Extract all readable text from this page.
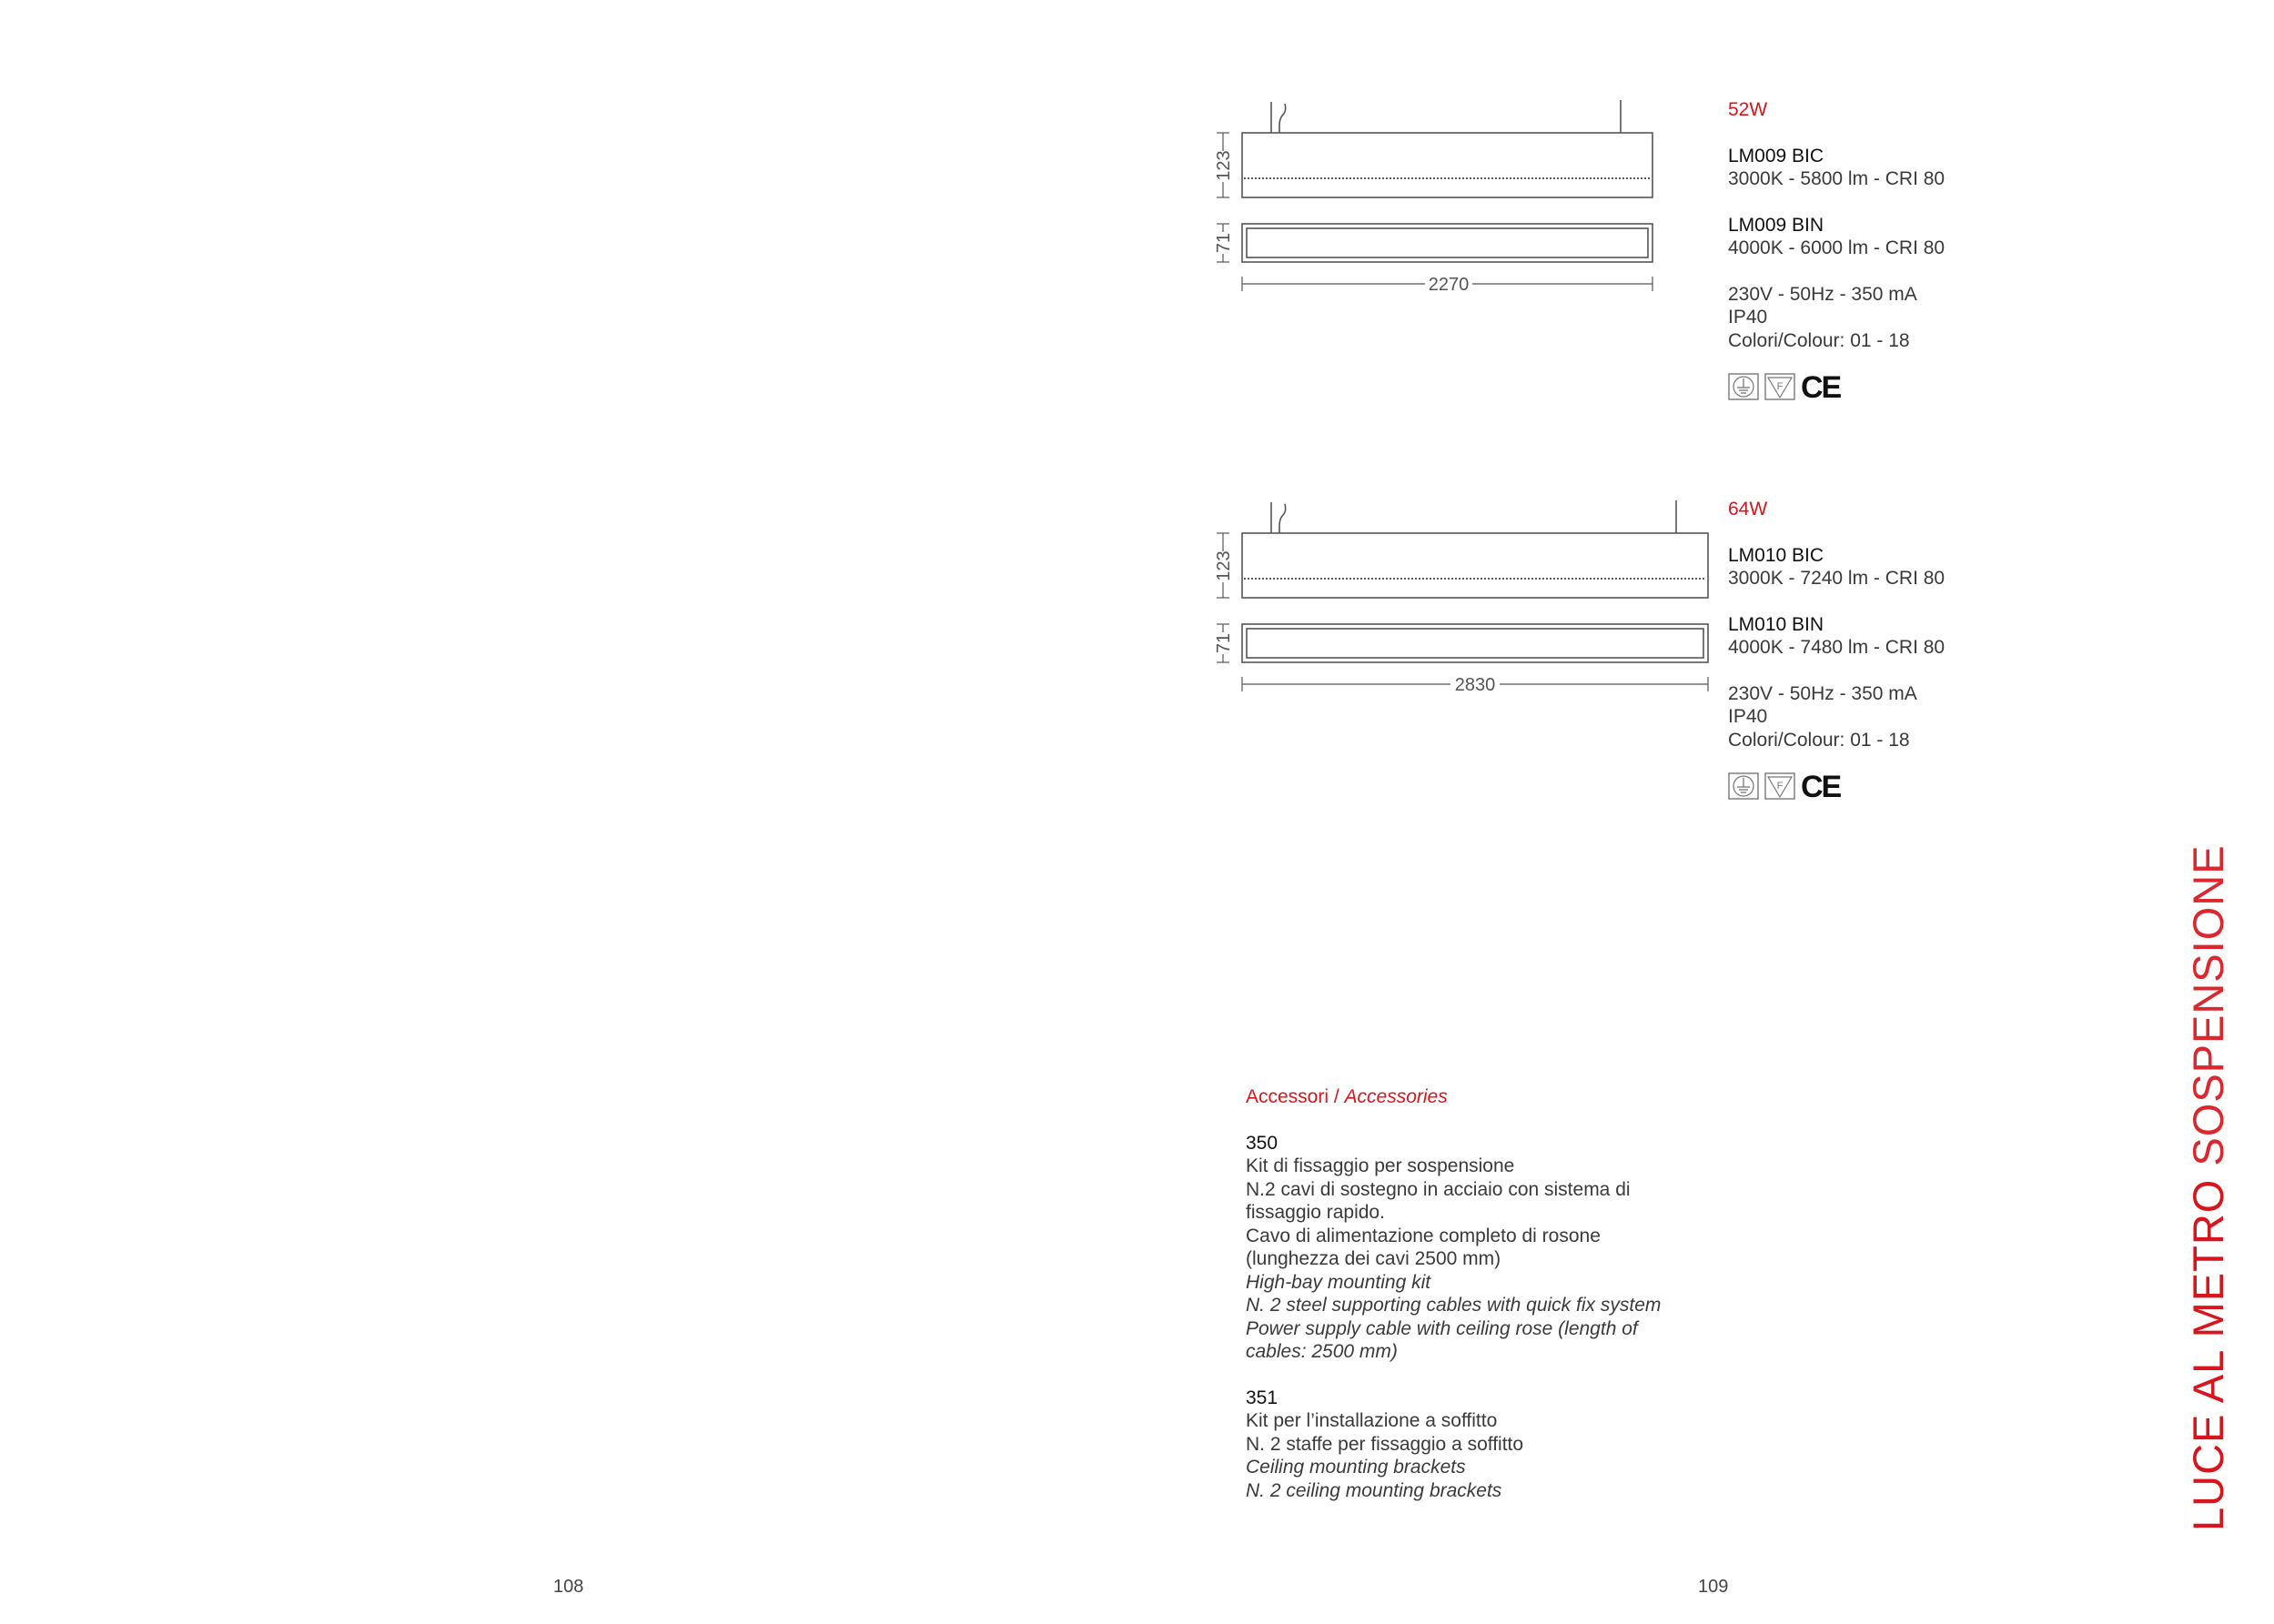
123
71
2270
52W
LM009 BIC
3000K - 5800 lm - CRI 80
LM009 BIN
4000K - 6000 lm - CRI 80
230V - 50Hz - 350 mA
IP40
Colori/Colour: 01 - 18
F CE
123
71
2830
64W
LM010 BIC
3000K - 7240 lm - CRI 80
LM010 BIN
4000K - 7480 lm - CRI 80
230V - 50Hz - 350 mA
IP40
Colori/Colour: 01 - 18
F CE
Accessori / Accessories
350
Kit di fissaggio per sospensione
N.2 cavi di sostegno in acciaio con sistema di
fissaggio rapido.
Cavo di alimentazione completo di rosone
(lunghezza dei cavi 2500 mm)
High-bay mounting kit
N. 2 steel supporting cables with quick fix system
Power supply cable with ceiling rose (length of
cables: 2500 mm)
351
Kit per l’installazione a soffitto
N. 2 staffe per fissaggio a soffitto
Ceiling mounting brackets
N. 2 ceiling mounting brackets	LUCE AL METRO SOSPENSIONE
108	109
